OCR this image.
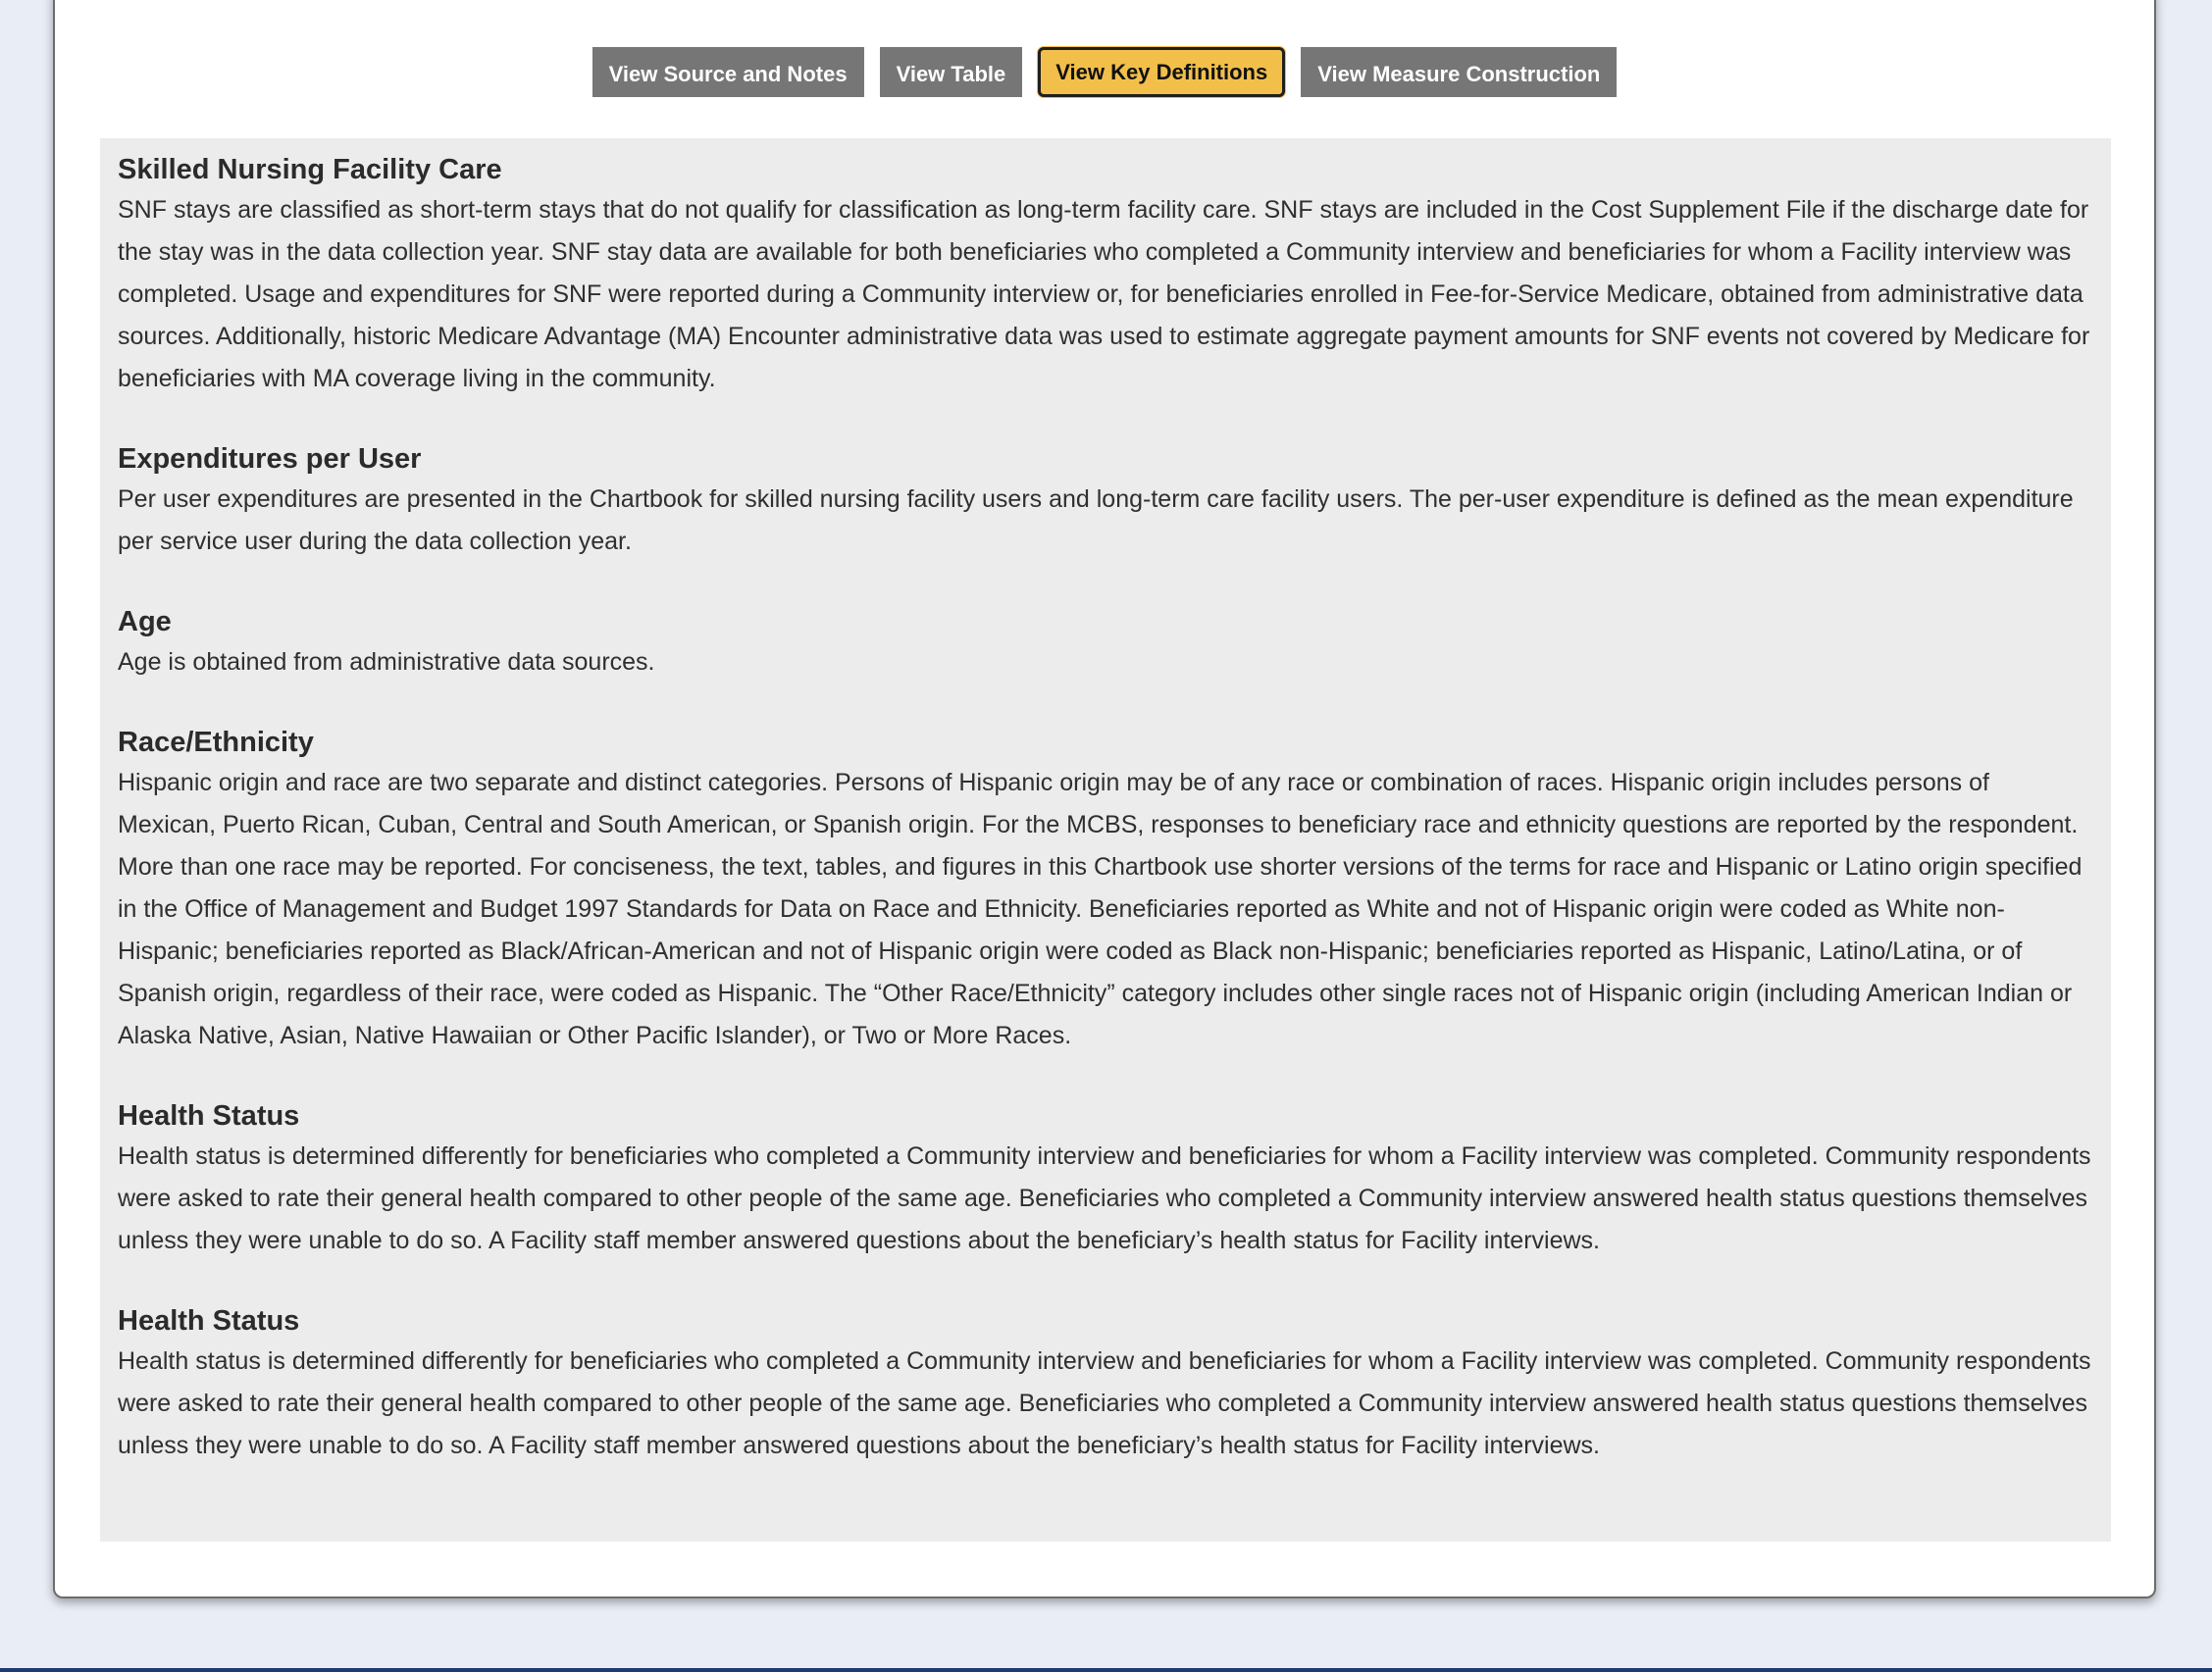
View Source and Notes View Table View Key Definitions View Measure Construction
Skilled Nursing Facility Care

SNF stays are classified as short-term stays that do not qualify for classification as long-term facility care. SNF stays are included in the Cost Supplement File if the discharge date for the stay was in the data collection year. SNF stay data are available for both beneficiaries who completed a Community interview and beneficiaries for whom a Facility interview was completed. Usage and expenditures for SNF were reported during a Community interview or, for beneficiaries enrolled in Fee-for-Service Medicare, obtained from administrative data sources. Additionally, historic Medicare Advantage (MA) Encounter administrative data was used to estimate aggregate payment amounts for SNF events not covered by Medicare for beneficiaries with MA coverage living in the community.

Expenditures per User

Per user expenditures are presented in the Chartbook for skilled nursing facility users and long-term care facility users. The per-user expenditure is defined as the mean expenditure per service user during the data collection year.

Age

Age is obtained from administrative data sources.

Race/Ethnicity

Hispanic origin and race are two separate and distinct categories. Persons of Hispanic origin may be of any race or combination of races. Hispanic origin includes persons of Mexican, Puerto Rican, Cuban, Central and South American, or Spanish origin. For the MCBS, responses to beneficiary race and ethnicity questions are reported by the respondent. More than one race may be reported. For conciseness, the text, tables, and figures in this Chartbook use shorter versions of the terms for race and Hispanic or Latino origin specified in the Office of Management and Budget 1997 Standards for Data on Race and Ethnicity. Beneficiaries reported as White and not of Hispanic origin were coded as White non-Hispanic; beneficiaries reported as Black/African-American and not of Hispanic origin were coded as Black non-Hispanic; beneficiaries reported as Hispanic, Latino/Latina, or of Spanish origin, regardless of their race, were coded as Hispanic. The “Other Race/Ethnicity” category includes other single races not of Hispanic origin (including American Indian or Alaska Native, Asian, Native Hawaiian or Other Pacific Islander), or Two or More Races.

Health Status

Health status is determined differently for beneficiaries who completed a Community interview and beneficiaries for whom a Facility interview was completed. Community respondents were asked to rate their general health compared to other people of the same age. Beneficiaries who completed a Community interview answered health status questions themselves unless they were unable to do so. A Facility staff member answered questions about the beneficiary’s health status for Facility interviews.

Health Status

Health status is determined differently for beneficiaries who completed a Community interview and beneficiaries for whom a Facility interview was completed. Community respondents were asked to rate their general health compared to other people of the same age. Beneficiaries who completed a Community interview answered health status questions themselves unless they were unable to do so. A Facility staff member answered questions about the beneficiary’s health status for Facility interviews.
